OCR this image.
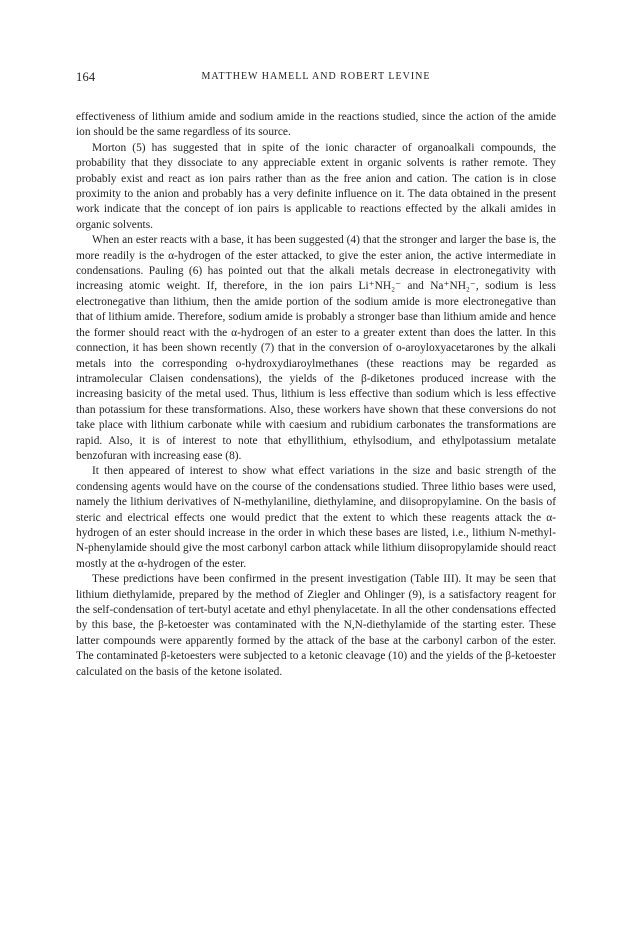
164	MATTHEW HAMELL AND ROBERT LEVINE

effectiveness of lithium amide and sodium amide in the reactions studied, since the action of the amide ion should be the same regardless of its source.

Morton (5) has suggested that in spite of the ionic character of organoalkali compounds, the probability that they dissociate to any appreciable extent in organic solvents is rather remote. They probably exist and react as ion pairs rather than as the free anion and cation. The cation is in close proximity to the anion and probably has a very definite influence on it. The data obtained in the present work indicate that the concept of ion pairs is applicable to reactions effected by the alkali amides in organic solvents.

When an ester reacts with a base, it has been suggested (4) that the stronger and larger the base is, the more readily is the α-hydrogen of the ester attacked, to give the ester anion, the active intermediate in condensations. Pauling (6) has pointed out that the alkali metals decrease in electronegativity with increasing atomic weight. If, therefore, in the ion pairs Li⁺NH₂⁻ and Na⁺NH₂⁻, sodium is less electronegative than lithium, then the amide portion of the sodium amide is more electronegative than that of lithium amide. Therefore, sodium amide is probably a stronger base than lithium amide and hence the former should react with the α-hydrogen of an ester to a greater extent than does the latter. In this connection, it has been shown recently (7) that in the conversion of o-aroyloxyacetarones by the alkali metals into the corresponding o-hydroxydiaroylmethanes (these reactions may be regarded as intramolecular Claisen condensations), the yields of the β-diketones produced increase with the increasing basicity of the metal used. Thus, lithium is less effective than sodium which is less effective than potassium for these transformations. Also, these workers have shown that these conversions do not take place with lithium carbonate while with caesium and rubidium carbonates the transformations are rapid. Also, it is of interest to note that ethyllithium, ethylsodium, and ethylpotassium metalate benzofuran with increasing ease (8).

It then appeared of interest to show what effect variations in the size and basic strength of the condensing agents would have on the course of the condensations studied. Three lithio bases were used, namely the lithium derivatives of N-methylaniline, diethylamine, and diisopropylamine. On the basis of steric and electrical effects one would predict that the extent to which these reagents attack the α-hydrogen of an ester should increase in the order in which these bases are listed, i.e., lithium N-methyl-N-phenylamide should give the most carbonyl carbon attack while lithium diisopropylamide should react mostly at the α-hydrogen of the ester.

These predictions have been confirmed in the present investigation (Table III). It may be seen that lithium diethylamide, prepared by the method of Ziegler and Ohlinger (9), is a satisfactory reagent for the self-condensation of tert-butyl acetate and ethyl phenylacetate. In all the other condensations effected by this base, the β-ketoester was contaminated with the N,N-diethylamide of the starting ester. These latter compounds were apparently formed by the attack of the base at the carbonyl carbon of the ester. The contaminated β-ketoesters were subjected to a ketonic cleavage (10) and the yields of the β-ketoester calculated on the basis of the ketone isolated.
